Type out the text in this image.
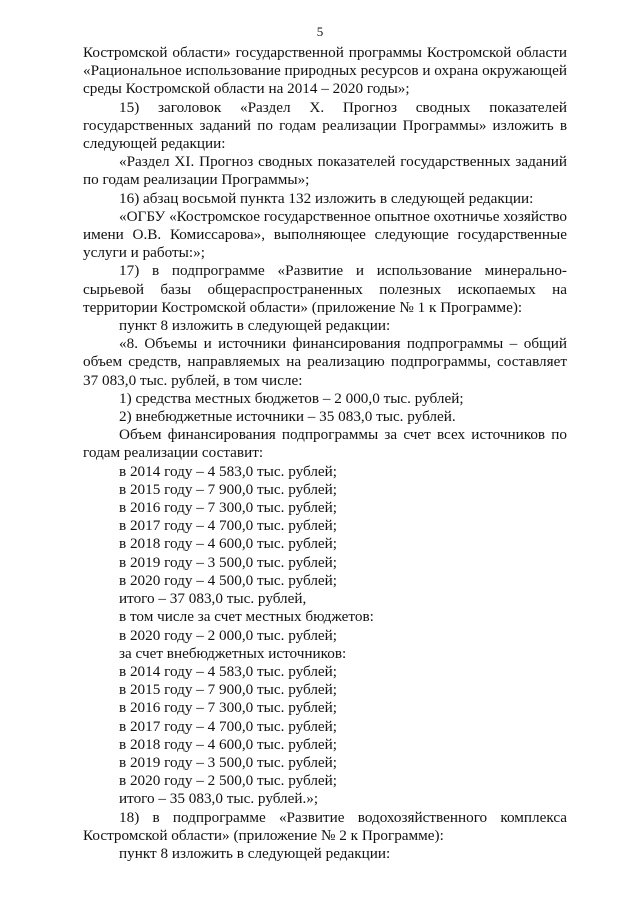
5

Костромской области» государственной программы Костромской области

«Рациональное использование природных ресурсов и охрана окружающей

среды Костромской области на 2014 – 2020 годы»;

15) заголовок «Раздел X. Прогноз сводных показателей

государственных заданий по годам реализации Программы» изложить в

следующей редакции:

«Раздел XI. Прогноз сводных показателей государственных заданий

по годам реализации Программы»;

16) абзац восьмой пункта 132 изложить в следующей редакции:

«ОГБУ «Костромское государственное опытное охотничье хозяйство

имени О.В. Комиссарова», выполняющее следующие государственные

услуги и работы:»;

17) в подпрограмме «Развитие и использование минерально-

сырьевой базы общераспространенных полезных ископаемых на

территории Костромской области» (приложение № 1 к Программе):

пункт 8 изложить в следующей редакции:

«8. Объемы и источники финансирования подпрограммы – общий

объем средств, направляемых на реализацию подпрограммы, составляет

37 083,0 тыс. рублей, в том числе:

1) средства местных бюджетов – 2 000,0 тыс. рублей;

2) внебюджетные источники – 35 083,0 тыс. рублей.

Объем финансирования подпрограммы за счет всех источников по

годам реализации составит:

в 2014 году – 4 583,0 тыс. рублей;

в 2015 году – 7 900,0 тыс. рублей;

в 2016 году – 7 300,0 тыс. рублей;

в 2017 году – 4 700,0 тыс. рублей;

в 2018 году – 4 600,0 тыс. рублей;

в 2019 году – 3 500,0 тыс. рублей;

в 2020 году – 4 500,0 тыс. рублей;

итого – 37 083,0 тыс. рублей,

в том числе за счет местных бюджетов:

в 2020 году – 2 000,0 тыс. рублей;

за счет внебюджетных источников:

в 2014 году – 4 583,0 тыс. рублей;

в 2015 году – 7 900,0 тыс. рублей;

в 2016 году – 7 300,0 тыс. рублей;

в 2017 году – 4 700,0 тыс. рублей;

в 2018 году – 4 600,0 тыс. рублей;

в 2019 году – 3 500,0 тыс. рублей;

в 2020 году – 2 500,0 тыс. рублей;

итого – 35 083,0 тыс. рублей.»;

18) в подпрограмме «Развитие водохозяйственного комплекса

Костромской области» (приложение № 2 к Программе):

пункт 8 изложить в следующей редакции:
